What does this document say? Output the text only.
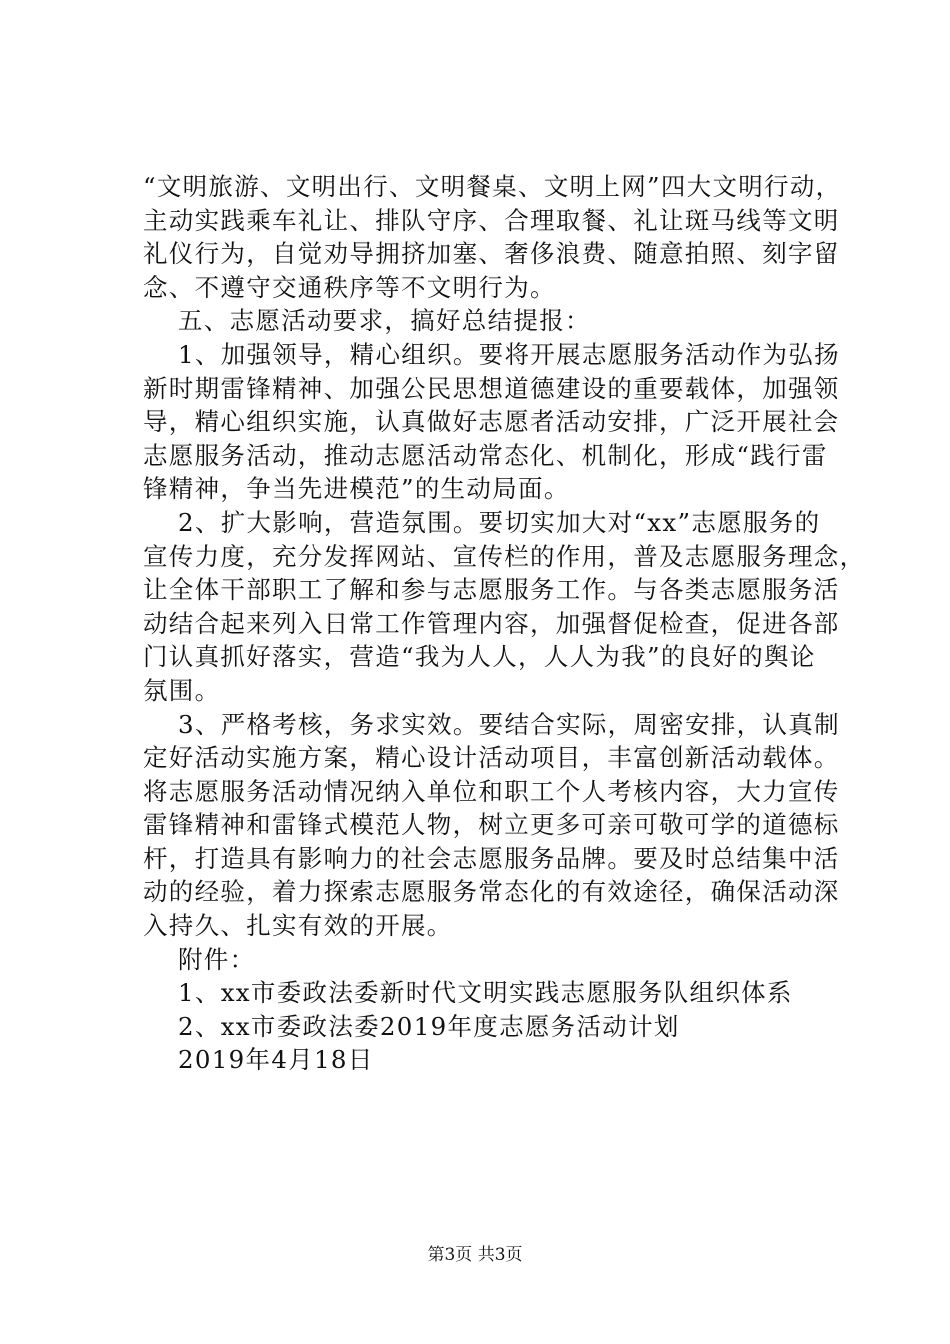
“文明旅游、文明出行、文明餐桌、文明上网”四大文明行动，
主动实践乘车礼让、排队守序、合理取餐、礼让斑马线等文明
礼仪行为，自觉劝导拥挤加塞、奢侈浪费、随意拍照、刻字留
念、不遵守交通秩序等不文明行为。
五、志愿活动要求，搞好总结提报：
1、加强领导，精心组织。要将开展志愿服务活动作为弘扬
新时期雷锋精神、加强公民思想道德建设的重要载体，加强领
导，精心组织实施，认真做好志愿者活动安排，广泛开展社会
志愿服务活动，推动志愿活动常态化、机制化，形成“践行雷
锋精神，争当先进模范”的生动局面。
2、扩大影响，营造氛围。要切实加大对“xx”志愿服务的
宣传力度，充分发挥网站、宣传栏的作用，普及志愿服务理念，
让全体干部职工了解和参与志愿服务工作。与各类志愿服务活
动结合起来列入日常工作管理内容，加强督促检查，促进各部
门认真抓好落实，营造“我为人人，人人为我”的良好的舆论
氛围。
3、严格考核，务求实效。要结合实际，周密安排，认真制
定好活动实施方案，精心设计活动项目，丰富创新活动载体。
将志愿服务活动情况纳入单位和职工个人考核内容，大力宣传
雷锋精神和雷锋式模范人物，树立更多可亲可敬可学的道德标
杆，打造具有影响力的社会志愿服务品牌。要及时总结集中活
动的经验，着力探索志愿服务常态化的有效途径，确保活动深
入持久、扎实有效的开展。
附件：
1、xx市委政法委新时代文明实践志愿服务队组织体系
2、xx市委政法委2019年度志愿务活动计划
2019年4月18日
第3页 共3页
